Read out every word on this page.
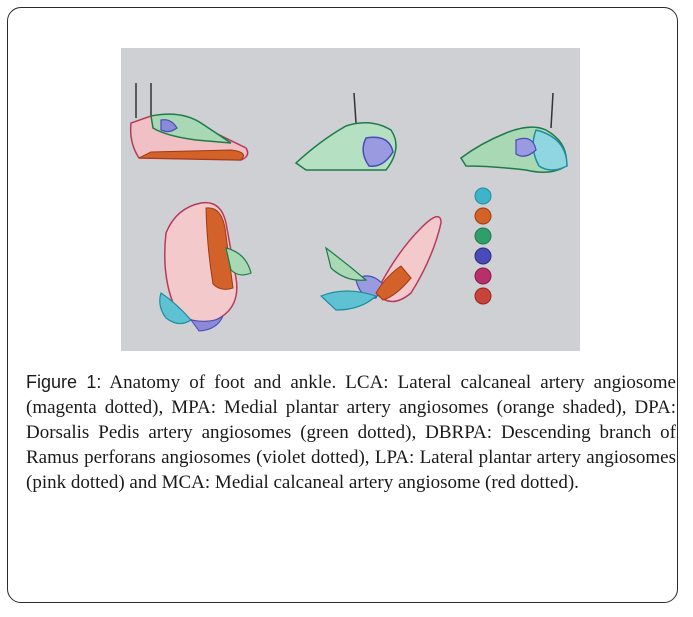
Figure 1: Anatomy of foot and ankle. LCA: Lateral calcaneal artery angiosome (magenta dotted), MPA: Medial plantar artery angiosomes (orange shaded), DPA: Dorsalis Pedis artery angiosomes (green dotted), DBRPA: Descending branch of Ramus perforans angiosomes (violet dotted), LPA: Lateral plantar artery angiosomes (pink dotted) and MCA: Medial calcaneal artery angiosome (red dotted).
